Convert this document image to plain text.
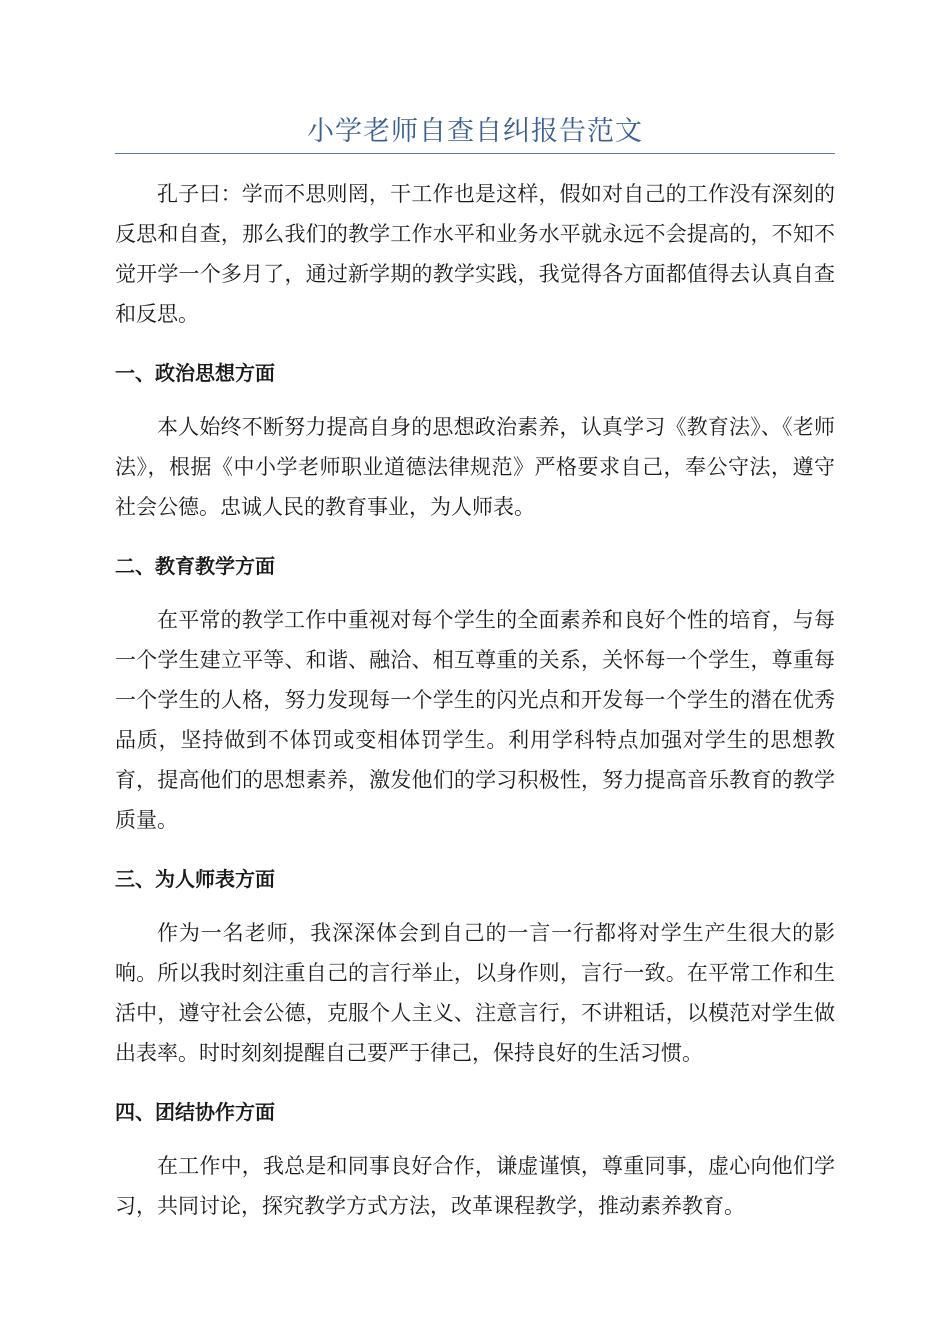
小学老师自查自纠报告范文

孔子曰：学而不思则罔，干工作也是这样，假如对自己的工作没有深刻的反思和自查，那么我们的教学工作水平和业务水平就永远不会提高的，不知不觉开学一个多月了，通过新学期的教学实践，我觉得各方面都值得去认真自查和反思。

一、政治思想方面

本人始终不断努力提高自身的思想政治素养，认真学习《教育法》、《老师法》，根据《中小学老师职业道德法律规范》严格要求自己，奉公守法，遵守社会公德。忠诚人民的教育事业，为人师表。

二、教育教学方面

在平常的教学工作中重视对每个学生的全面素养和良好个性的培育，与每一个学生建立平等、和谐、融洽、相互尊重的关系，关怀每一个学生，尊重每一个学生的人格，努力发现每一个学生的闪光点和开发每一个学生的潜在优秀品质，坚持做到不体罚或变相体罚学生。利用学科特点加强对学生的思想教育，提高他们的思想素养，激发他们的学习积极性，努力提高音乐教育的教学质量。

三、为人师表方面

作为一名老师，我深深体会到自己的一言一行都将对学生产生很大的影响。所以我时刻注重自己的言行举止，以身作则，言行一致。在平常工作和生活中，遵守社会公德，克服个人主义、注意言行，不讲粗话，以模范对学生做出表率。时时刻刻提醒自己要严于律己，保持良好的生活习惯。

四、团结协作方面

在工作中，我总是和同事良好合作，谦虚谨慎，尊重同事，虚心向他们学习，共同讨论，探究教学方式方法，改革课程教学，推动素养教育。
